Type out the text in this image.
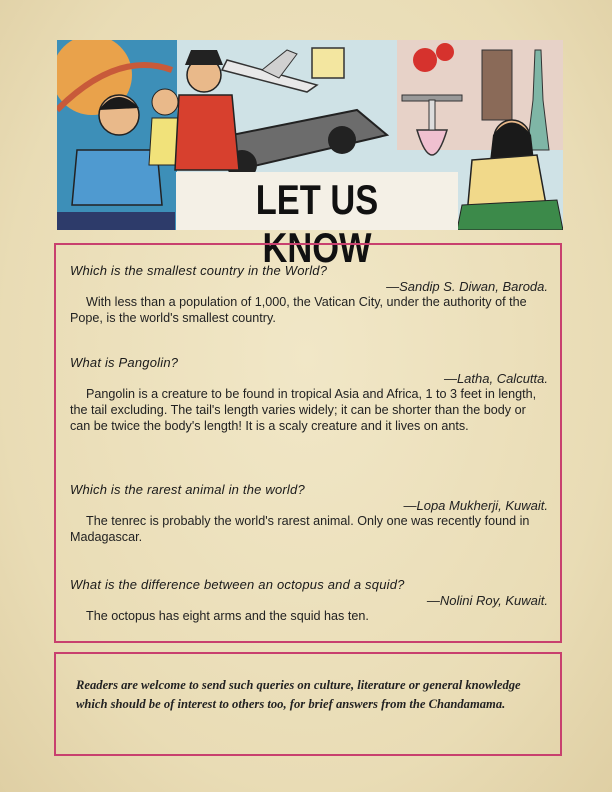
LET US KNOW
Which is the smallest country in the World?
—Sandip S. Diwan, Baroda.

With less than a population of 1,000, the Vatican City, under the authority of the Pope, is the world's smallest country.

What is Pangolin?
—Latha, Calcutta.

Pangolin is a creature to be found in tropical Asia and Africa, 1 to 3 feet in length, the tail excluding. The tail's length varies widely; it can be shorter than the body or can be twice the body's length! It is a scaly creature and it lives on ants.

Which is the rarest animal in the world?
—Lopa Mukherji, Kuwait.

The tenrec is probably the world's rarest animal. Only one was recently found in Madagascar.

What is the difference between an octopus and a squid?
—Nolini Roy, Kuwait.

The octopus has eight arms and the squid has ten.

Readers are welcome to send such queries on culture, literature or general knowledge which should be of interest to others too, for brief answers from the Chandamama.
